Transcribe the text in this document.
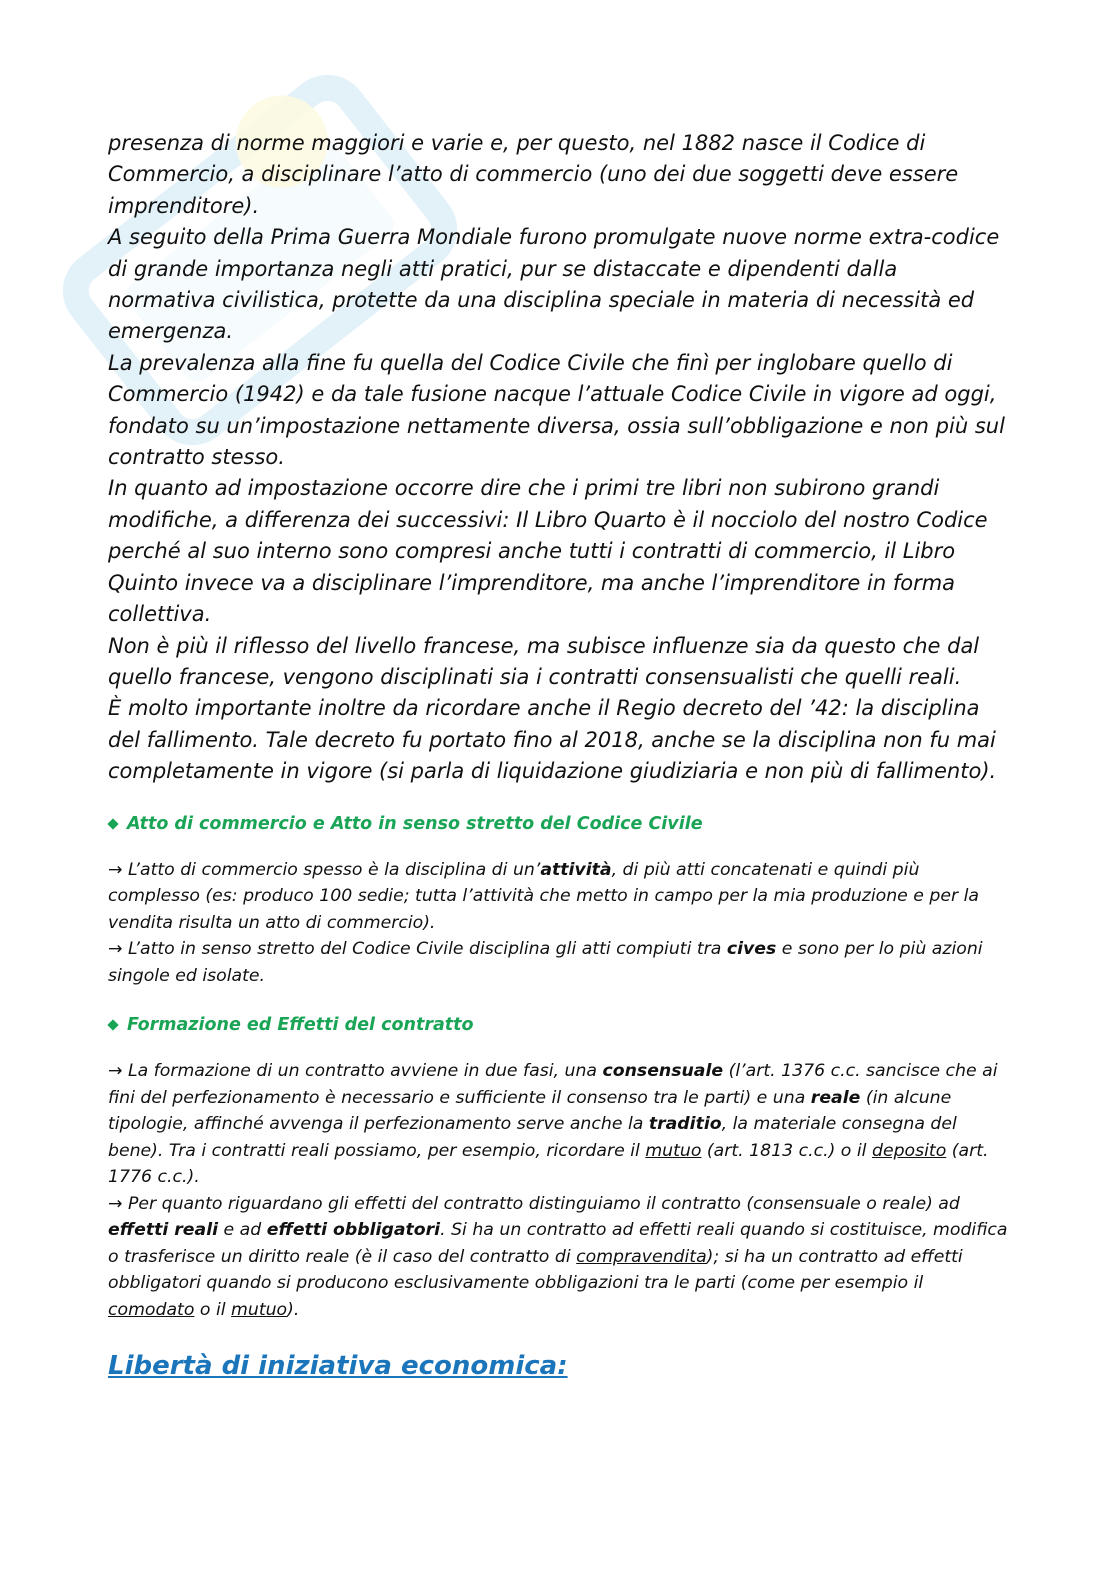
presenza di norme maggiori e varie e, per questo, nel 1882 nasce il Codice di Commercio, a disciplinare l’atto di commercio (uno dei due soggetti deve essere imprenditore).

A seguito della Prima Guerra Mondiale furono promulgate nuove norme extra-codice di grande importanza negli atti pratici, pur se distaccate e dipendenti dalla normativa civilistica, protette da una disciplina speciale in materia di necessità ed emergenza.

La prevalenza alla fine fu quella del Codice Civile che finì per inglobare quello di Commercio (1942) e da tale fusione nacque l’attuale Codice Civile in vigore ad oggi, fondato su un’impostazione nettamente diversa, ossia sull’obbligazione e non più sul contratto stesso.

In quanto ad impostazione occorre dire che i primi tre libri non subirono grandi modifiche, a differenza dei successivi: Il Libro Quarto è il nocciolo del nostro Codice perché al suo interno sono compresi anche tutti i contratti di commercio, il Libro Quinto invece va a disciplinare l’imprenditore, ma anche l’imprenditore in forma collettiva.

Non è più il riflesso del livello francese, ma subisce influenze sia da questo che dal quello francese, vengono disciplinati sia i contratti consensualisti che quelli reali.

È molto importante inoltre da ricordare anche il Regio decreto del ’42: la disciplina del fallimento. Tale decreto fu portato fino al 2018, anche se la disciplina non fu mai completamente in vigore (si parla di liquidazione giudiziaria e non più di fallimento).

Atto di commercio e Atto in senso stretto del Codice Civile

→ L’atto di commercio spesso è la disciplina di un’attività, di più atti concatenati e quindi più complesso (es: produco 100 sedie; tutta l’attività che metto in campo per la mia produzione e per la vendita risulta un atto di commercio).

→ L’atto in senso stretto del Codice Civile disciplina gli atti compiuti tra cives e sono per lo più azioni singole ed isolate.

Formazione ed Effetti del contratto

→ La formazione di un contratto avviene in due fasi, una consensuale (l’art. 1376 c.c. sancisce che ai fini del perfezionamento è necessario e sufficiente il consenso tra le parti) e una reale (in alcune tipologie, affinché avvenga il perfezionamento serve anche la traditio, la materiale consegna del bene). Tra i contratti reali possiamo, per esempio, ricordare il mutuo (art. 1813 c.c.) o il deposito (art. 1776 c.c.).

→ Per quanto riguardano gli effetti del contratto distinguiamo il contratto (consensuale o reale) ad effetti reali e ad effetti obbligatori. Si ha un contratto ad effetti reali quando si costituisce, modifica o trasferisce un diritto reale (è il caso del contratto di compravendita); si ha un contratto ad effetti obbligatori quando si producono esclusivamente obbligazioni tra le parti (come per esempio il comodato o il mutuo).

Libertà di iniziativa economica:
